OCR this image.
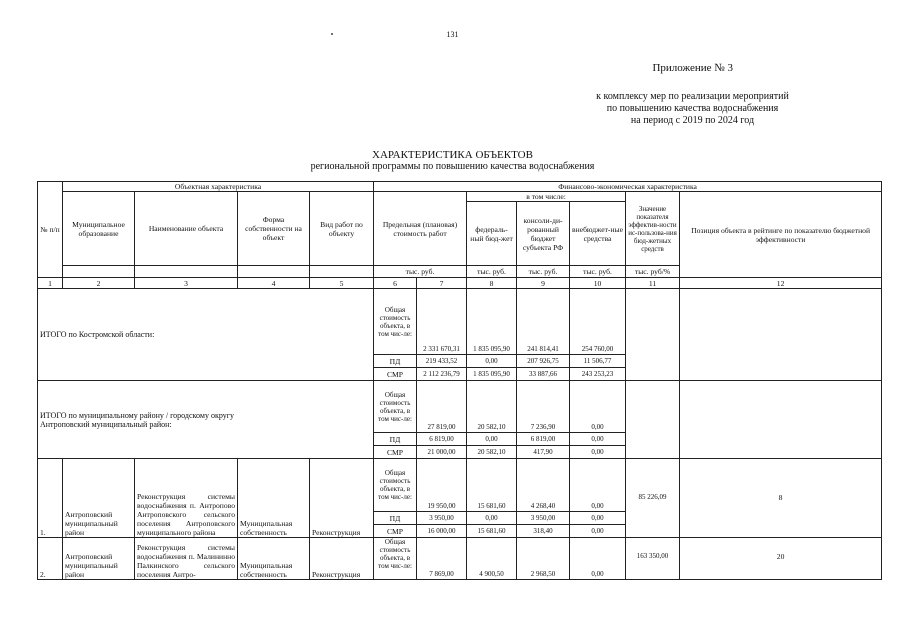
131
Приложение № 3
к комплексу мер по реализации мероприятий
по повышению качества водоснабжения
на период с 2019 по 2024 год
ХАРАКТЕРИСТИКА ОБЪЕКТОВ
региональной программы по повышению качества водоснабжения
№ п/п	Объектная характеристика				Финансово-экономическая характеристика						
	Муниципальное образование	Наименование объекта	Форма собственности на объект	Вид работ по объекту	Предельная (плановая) стоимость работ		в том числе:			Значение показателя эффектив-ности ис-пользова-ния бюд-жетных средств	Позиция объекта в рейтинге по показателю бюджетной эффективности
							федераль-ный бюд-жет	консоли-ди-рованный бюджет субъекта РФ	внебюджет-ные средства		
					тыс. руб.		тыс. руб.	тыс. руб.	тыс. руб.	тыс. руб/%	
1	2	3	4	5	6	7	8	9	10	11	12
ИТОГО по Костромской области:					Общая стоимость объекта, в том чис-ле:	2 331 670,31	1 835 095,90	241 814,41	254 760,00		
					ПД	219 433,52	0,00	207 926,75	11 506,77		
					СМР	2 112 236,79	1 835 095,90	33 887,66	243 253,23		

ИТОГО по муниципальному району / городскому округу
Антроповский муниципальный район:					Общая стоимость объекта, в том чис-ле:	27 819,00	20 582,10	7 236,90	0,00		
					ПД	6 819,00	0,00	6 819,00	0,00		
					СМР	21 000,00	20 582,10	417,90	0,00		
1.	Антроповский муниципальный район	Реконструкция системы водоснабжения п. Антропово Антроповского сельского поселения Антроповского муниципального района	Муниципальная собственность	Реконструкция	Общая стоимость объекта, в том чис-ле:	19 950,00	15 681,60	4 268,40	0,00	85 226,09	8
					ПД	3 950,00	0,00	3 950,00	0,00		
					СМР	16 000,00	15 681,60	318,40	0,00		
2.	Антроповский муниципальный район	Реконструкция системы водоснабжения п. Малининно Палкинского сельского поселения Антро-	Муниципальная собственность	Реконструкция	Общая стоимость объекта, в том чис-ле:	7 869,00	4 900,50	2 968,50	0,00	163 350,00	20
